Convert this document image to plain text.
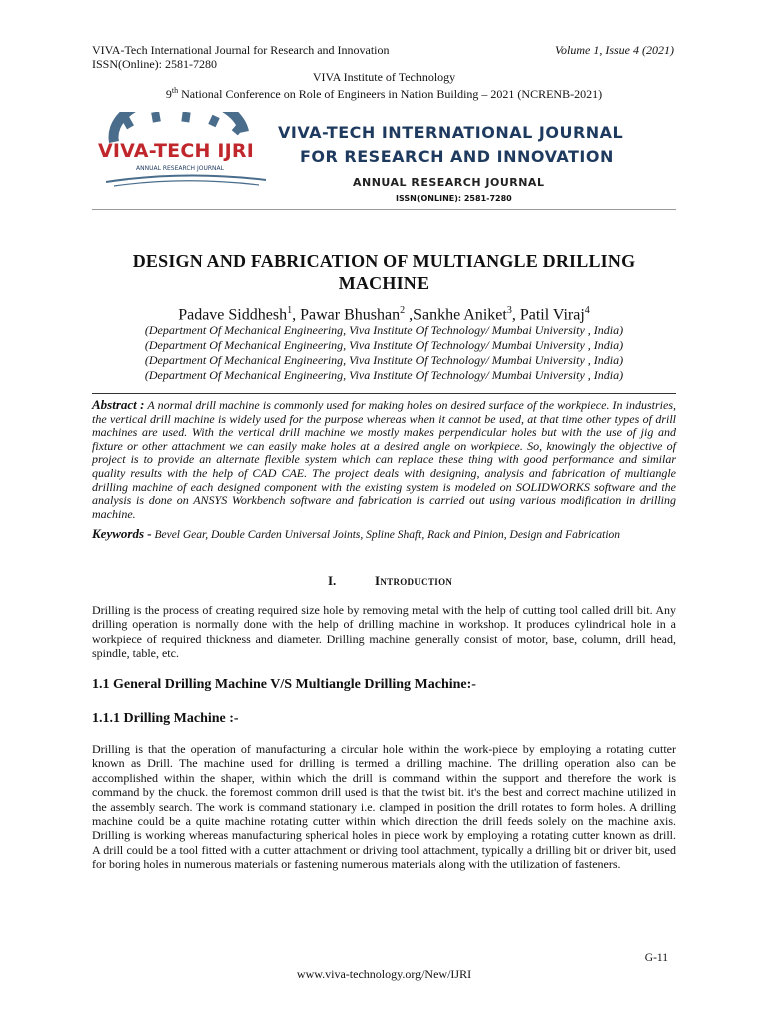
VIVA-Tech International Journal for Research and Innovation	Volume 1, Issue 4 (2021)
ISSN(Online): 2581-7280
VIVA Institute of Technology
9th National Conference on Role of Engineers in Nation Building – 2021 (NCRENB-2021)
VIVA-TECH IJRI
ANNUAL RESEARCH JOURNAL
VIVA-TECH INTERNATIONAL JOURNAL
FOR RESEARCH AND INNOVATION
ANNUAL RESEARCH JOURNAL
ISSN(ONLINE): 2581-7280
DESIGN AND FABRICATION OF MULTIANGLE DRILLING
MACHINE
Padave Siddhesh$^1$, Pawar Bhushan$^2$ ,Sankhe Aniket$^3$, Patil Viraj$^4$
(Department Of Mechanical Engineering, Viva Institute Of Technology/ Mumbai University , India)
(Department Of Mechanical Engineering, Viva Institute Of Technology/ Mumbai University , India)
(Department Of Mechanical Engineering, Viva Institute Of Technology/ Mumbai University , India)
(Department Of Mechanical Engineering, Viva Institute Of Technology/ Mumbai University , India)
Abstract : A normal drill machine is commonly used for making holes on desired surface of the workpiece. In industries, the vertical drill machine is widely used for the purpose whereas when it cannot be used, at that time other types of drill machines are used. With the vertical drill machine we mostly makes perpendicular holes but with the use of jig and fixture or other attachment we can easily make holes at a desired angle on workpiece. So, knowingly the objective of project is to provide an alternate flexible system which can replace these thing with good performance and similar quality results with the help of CAD CAE. The project deals with designing, analysis and fabrication of multiangle drilling machine of each designed component with the existing system is modeled on SOLIDWORKS software and the analysis is done on ANSYS Workbench software and fabrication is carried out using various modification in drilling machine.
Keywords - Bevel Gear, Double Carden Universal Joints, Spline Shaft, Rack and Pinion, Design and Fabrication
I.	Introduction
Drilling is the process of creating required size hole by removing metal with the help of cutting tool called drill bit. Any drilling operation is normally done with the help of drilling machine in workshop. It produces cylindrical hole in a workpiece of required thickness and diameter. Drilling machine generally consist of motor, base, column, drill head, spindle, table, etc.
1.1 General Drilling Machine V/S Multiangle Drilling Machine:-
1.1.1 Drilling Machine :-
Drilling is that the operation of manufacturing a circular hole within the work-piece by employing a rotating cutter known as Drill. The machine used for drilling is termed a drilling machine. The drilling operation also can be accomplished within the shaper, within which the drill is command within the support and therefore the work is command by the chuck. the foremost common drill used is that the twist bit. it's the best and correct machine utilized in the assembly search. The work is command stationary i.e. clamped in position the drill rotates to form holes. A drilling machine could be a quite machine rotating cutter within which direction the drill feeds solely on the machine axis. Drilling is working whereas manufacturing spherical holes in piece work by employing a rotating cutter known as drill. A drill could be a tool fitted with a cutter attachment or driving tool attachment, typically a drilling bit or driver bit, used for boring holes in numerous materials or fastening numerous materials along with the utilization of fasteners.
G-11
www.viva-technology.org/New/IJRI
